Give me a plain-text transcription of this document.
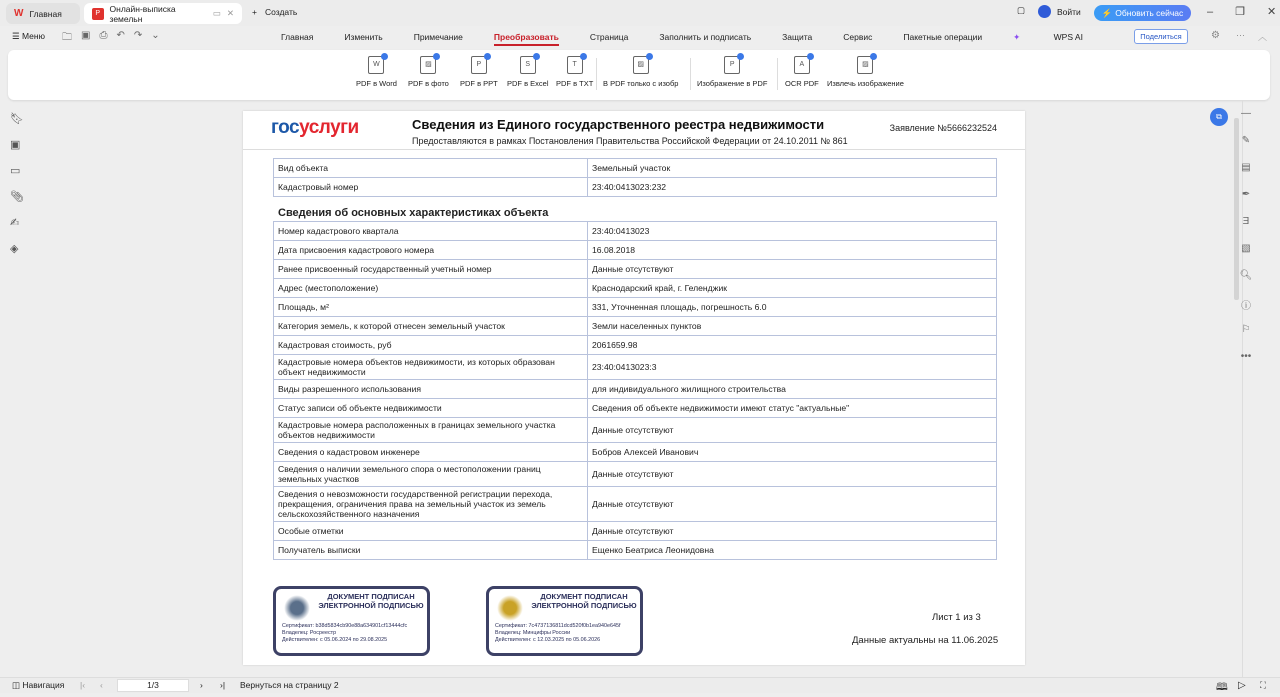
W Главная	P	Онлайн-выписка земельн
▭ ✕ + Создать	▢	Войти ⚡ Обновить сейчас – ❐ ✕
☰ Меню 🗀 ▣ ⎙ ↶ ↷ ⌄	Главная	Изменить	Примечание	Преобразовать	Страница	Заполнить и подписать	Защита	Сервис	Пакетные операции	✦	WPS AI	Поделиться	⚙ ··· ︿
W
PDF в Word
▨
PDF в фото
P
PDF в PPT
S
PDF в Excel
T
PDF в TXT
▨
В PDF только с изобр
P
Изображение в PDF
A
OCR PDF
▨
Извлечь изображение
🔖︎
▣
▭
📎︎
✍︎
◈
госуслуги	Сведения из Единого государственного реестра недвижимости
Предоставляются в рамках Постановления Правительства Российской Федерации от 24.10.2011 № 861
Заявление №5666232524
Вид объекта	Земельный участок
Кадастровый номер	23:40:0413023:232
Сведения об основных характеристиках объекта
Номер кадастрового квартала	23:40:0413023
Дата присвоения кадастрового номера	16.08.2018
Ранее присвоенный государственный учетный номер	Данные отсутствуют
Адрес (местоположение)	Краснодарский край, г. Геленджик
Площадь, м²	331, Уточненная площадь, погрешность 6.0
Категория земель, к которой отнесен земельный участок	Земли населенных пунктов
Кадастровая стоимость, руб	2061659.98
Кадастровые номера объектов недвижимости, из которых образован объект недвижимости	23:40:0413023:3
Виды разрешенного использования	для индивидуального жилищного строительства
Статус записи об объекте недвижимости	Сведения об объекте недвижимости имеют статус "актуальные"
Кадастровые номера расположенных в границах земельного участка объектов недвижимости	Данные отсутствуют
Сведения о кадастровом инженере	Бобров Алексей Иванович
Сведения о наличии земельного спора о местоположении границ земельных участков	Данные отсутствуют
Сведения о невозможности государственной регистрации перехода, прекращения, ограничения права на земельный участок из земель сельскохозяйственного назначения	Данные отсутствуют
Особые отметки	Данные отсутствуют
Получатель выписки	Ещенко Беатриса Леонидовна
ДОКУМЕНТ ПОДПИСАН ЭЛЕКТРОННОЙ ПОДПИСЬЮ
Сертификат: b38d5834cb90e88a634901cf13444cfc
Владелец: Росреестр
Действителен: с 05.06.2024 по 29.08.2025
ДОКУМЕНТ ПОДПИСАН ЭЛЕКТРОННОЙ ПОДПИСЬЮ
Сертификат: 7c4737136811dcd520f0b1ea940e645f
Владелец: Минцифры России
Действителен: с 12.03.2025 по 05.06.2026
Лист 1 из 3
Данные актуальны на 11.06.2025
⧉	—
✎
▤
✒
Ǝ
▧
🔍︎
ⓘ
⚐
•••
◫ Навигация |‹ ‹	1/3	› ›| Вернуться на страницу 2	🕮︎ ▷ ⛶
